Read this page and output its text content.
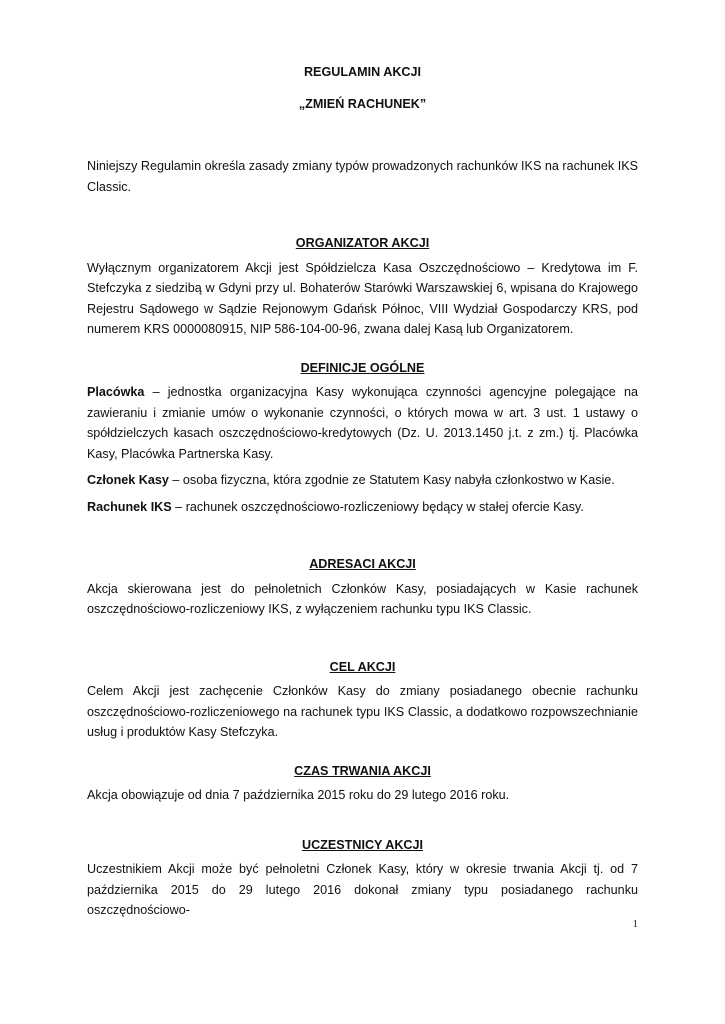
REGULAMIN AKCJI

„ZMIEŃ RACHUNEK”

Niniejszy Regulamin określa zasady zmiany typów prowadzonych rachunków IKS na rachunek IKS Classic.

ORGANIZATOR AKCJI

Wyłącznym organizatorem Akcji jest Spółdzielcza Kasa Oszczędnościowo – Kredytowa im F. Stefczyka z siedzibą w Gdyni przy ul. Bohaterów Starówki Warszawskiej 6, wpisana do Krajowego Rejestru Sądowego w Sądzie Rejonowym Gdańsk Północ, VIII Wydział Gospodarczy KRS, pod numerem KRS 0000080915, NIP 586-104-00-96, zwana dalej Kasą lub Organizatorem.

DEFINICJE OGÓLNE

Placówka – jednostka organizacyjna Kasy wykonująca czynności agencyjne polegające na zawieraniu i zmianie umów o wykonanie czynności, o których mowa w art. 3 ust. 1 ustawy o spółdzielczych kasach oszczędnościowo-kredytowych (Dz. U. 2013.1450 j.t. z zm.) tj. Placówka Kasy, Placówka Partnerska Kasy.

Członek Kasy – osoba fizyczna, która zgodnie ze Statutem Kasy nabyła członkostwo w Kasie.

Rachunek IKS – rachunek oszczędnościowo-rozliczeniowy będący w stałej ofercie Kasy.

ADRESACI AKCJI

Akcja skierowana jest do pełnoletnich Członków Kasy, posiadających w Kasie rachunek oszczędnościowo-rozliczeniowy IKS, z wyłączeniem rachunku typu IKS Classic.

CEL AKCJI

Celem Akcji jest zachęcenie Członków Kasy do zmiany posiadanego obecnie rachunku oszczędnościowo-rozliczeniowego na rachunek typu IKS Classic, a dodatkowo rozpowszechnianie usług i produktów Kasy Stefczyka.

CZAS TRWANIA AKCJI

Akcja obowiązuje od dnia 7 października 2015 roku do 29 lutego 2016 roku.

UCZESTNICY AKCJI

Uczestnikiem Akcji może być pełnoletni Członek Kasy, który w okresie trwania Akcji tj. od 7 października 2015 do 29 lutego 2016 dokonał zmiany typu posiadanego rachunku oszczędnościowo-

1
